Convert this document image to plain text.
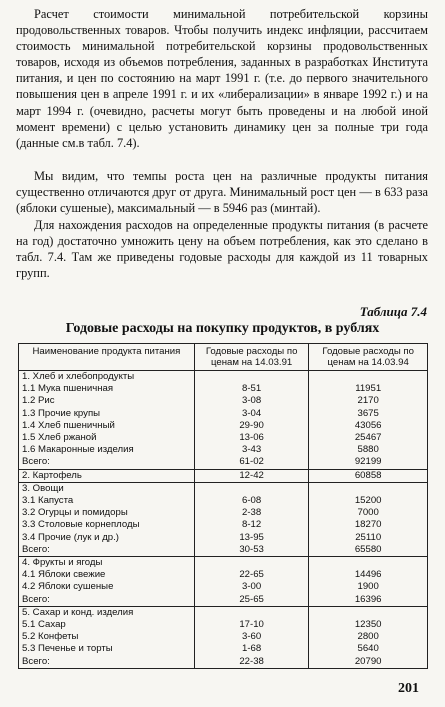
Расчет стоимости минимальной потребительской корзины продовольственных товаров. Чтобы получить индекс инфляции, рассчитаем стоимость минимальной потребительской корзины продовольственных товаров, исходя из объемов потребления, заданных в разработках Института питания, и цен по состоянию на март 1991 г. (т.е. до первого значительного повышения цен в апреле 1991 г. и их «либерализации» в январе 1992 г.) и на март 1994 г. (очевидно, расчеты могут быть проведены и на любой иной момент времени) с целью установить динамику цен за полные три года (данные см.в табл. 7.4).

Мы видим, что темпы роста цен на различные продукты питания существенно отличаются друг от друга. Минимальный рост цен — в 633 раза (яблоки сушеные), максимальный — в 5946 раз (минтай).

Для нахождения расходов на определенные продукты питания (в расчете на год) достаточно умножить цену на объем потребления, как это сделано в табл. 7.4. Там же приведены годовые расходы для каждой из 11 товарных групп.

Таблица 7.4
Годовые расходы на покупку продуктов, в рублях
Наименование продукта питания	Годовые расходы по ценам на 14.03.91	Годовые расходы по ценам на 14.03.94
1. Хлеб и хлебопродукты		
1.1 Мука пшеничная	8-51	11951
1.2 Рис	3-08	2170
1.3 Прочие крупы	3-04	3675
1.4 Хлеб пшеничный	29-90	43056
1.5 Хлеб ржаной	13-06	25467
1.6 Макаронные изделия	3-43	5880
Всего:	61-02	92199
2. Картофель	12-42	60858
3. Овощи		
3.1 Капуста	6-08	15200
3.2 Огурцы и помидоры	2-38	7000
3.3 Столовые корнеплоды	8-12	18270
3.4 Прочие (лук и др.)	13-95	25110
Всего:	30-53	65580
4. Фрукты и ягоды		
4.1 Яблоки свежие	22-65	14496
4.2 Яблоки сушеные	3-00	1900
Всего:	25-65	16396
5. Сахар и конд. изделия		
5.1 Сахар	17-10	12350
5.2 Конфеты	3-60	2800
5.3 Печенье и торты	1-68	5640
Всего:	22-38	20790
201
